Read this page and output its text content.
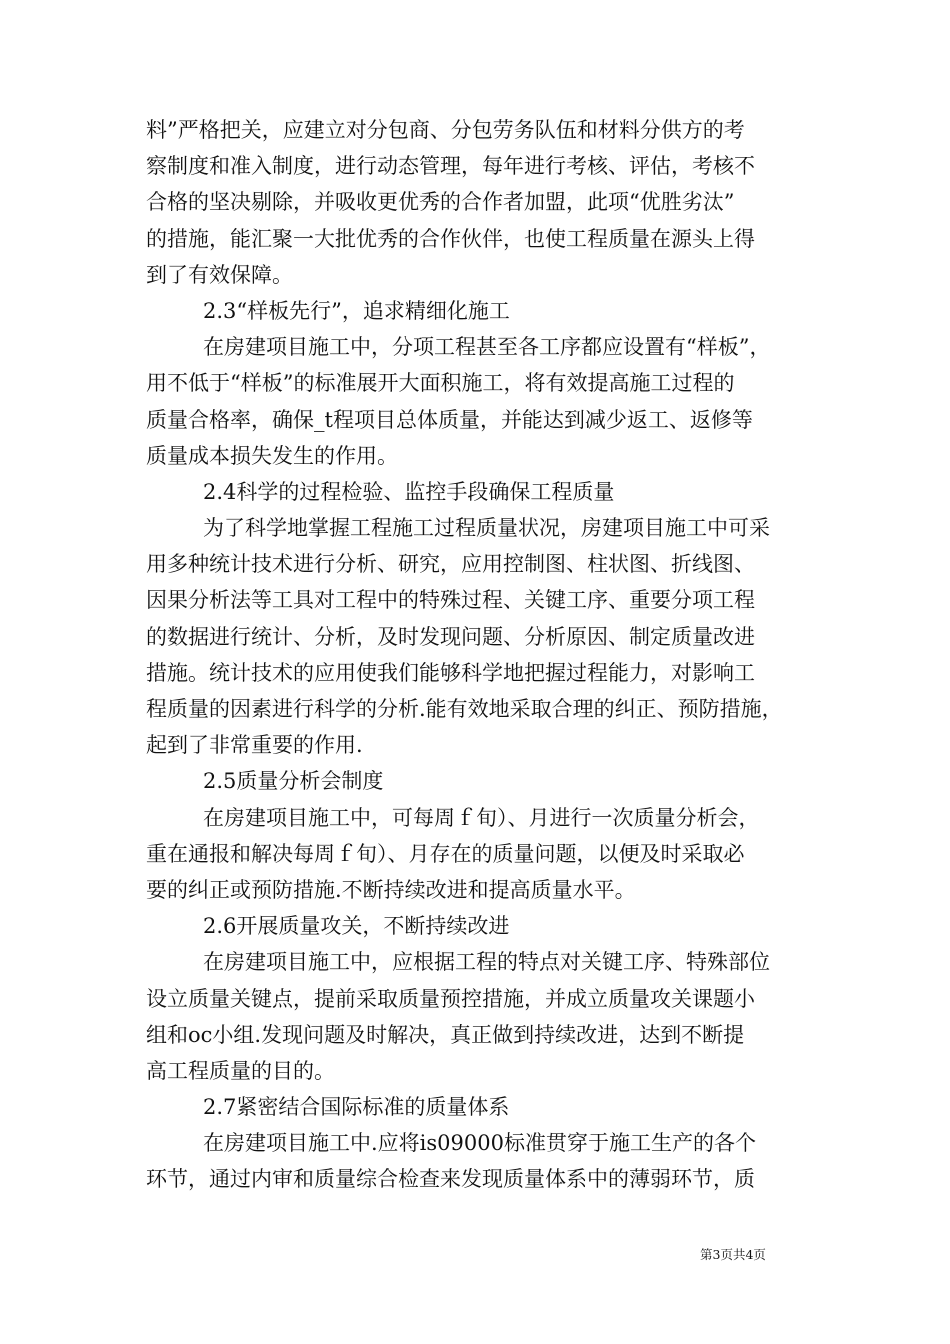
料”严格把关，应建立对分包商、分包劳务队伍和材料分供方的考
察制度和准入制度，进行动态管理，每年进行考核、评估，考核不
合格的坚决剔除，并吸收更优秀的合作者加盟，此项“优胜劣汰”
的措施，能汇聚一大批优秀的合作伙伴，也使工程质量在源头上得
到了有效保障。
2.3“样板先行”，追求精细化施工
在房建项目施工中，分项工程甚至各工序都应设置有“样板”，
用不低于“样板”的标准展开大面积施工，将有效提高施工过程的
质量合格率，确保_t程项目总体质量，并能达到减少返工、返修等
质量成本损失发生的作用。
2.4科学的过程检验、监控手段确保工程质量
为了科学地掌握工程施工过程质量状况，房建项目施工中可采
用多种统计技术进行分析、研究，应用控制图、柱状图、折线图、
因果分析法等工具对工程中的特殊过程、关键工序、重要分项工程
的数据进行统计、分析，及时发现问题、分析原因、制定质量改进
措施。统计技术的应用使我们能够科学地把握过程能力，对影响工
程质量的因素进行科学的分析.能有效地采取合理的纠正、预防措施，
起到了非常重要的作用.
2.5质量分析会制度
在房建项目施工中，可每周ｆ旬）、月进行一次质量分析会，
重在通报和解决每周ｆ旬）、月存在的质量问题，以便及时采取必
要的纠正或预防措施.不断持续改进和提高质量水平。
2.6开展质量攻关，不断持续改进
在房建项目施工中，应根据工程的特点对关键工序、特殊部位
设立质量关键点，提前采取质量预控措施，并成立质量攻关课题小
组和oc小组.发现问题及时解决，真正做到持续改进，达到不断提
高工程质量的目的。
2.7紧密结合国际标准的质量体系
在房建项目施工中.应将is09000标准贯穿于施工生产的各个
环节，通过内审和质量综合检查来发现质量体系中的薄弱环节，质
第3页共4页
